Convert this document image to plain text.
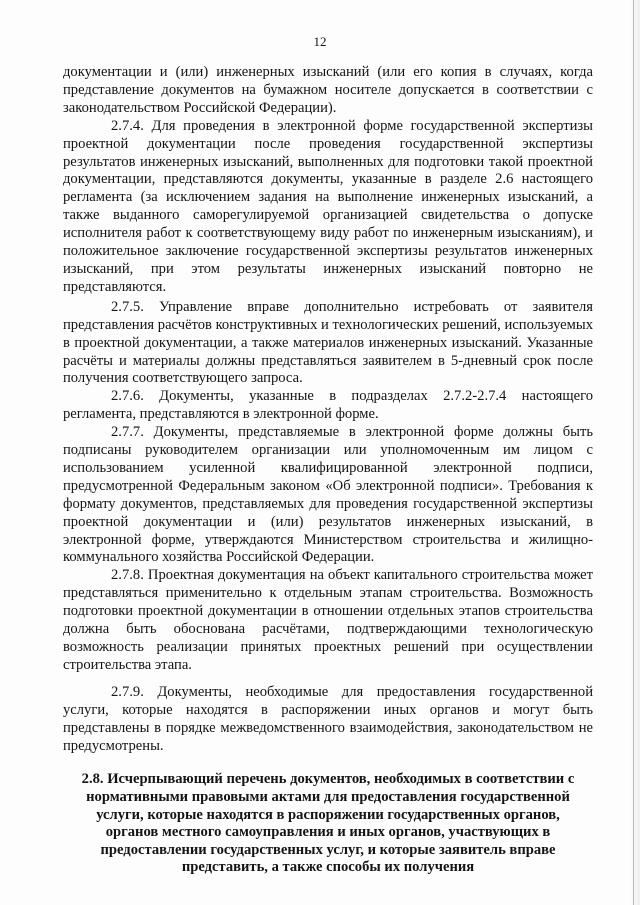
12

документации и (или) инженерных изысканий (или его копия в случаях, когда представление документов на бумажном носителе допускается в соответствии с законодательством Российской Федерации).

2.7.4. Для проведения в электронной форме государственной экспертизы проектной документации после проведения государственной экспертизы результатов инженерных изысканий, выполненных для подготовки такой проектной документации, представляются документы, указанные в разделе 2.6 настоящего регламента (за исключением задания на выполнение инженерных изысканий, а также выданного саморегулируемой организацией свидетельства о допуске исполнителя работ к соответствующему виду работ по инженерным изысканиям), и положительное заключение государственной экспертизы результатов инженерных изысканий, при этом результаты инженерных изысканий повторно не представляются.

2.7.5. Управление вправе дополнительно истребовать от заявителя представления расчётов конструктивных и технологических решений, используемых в проектной документации, а также материалов инженерных изысканий. Указанные расчёты и материалы должны представляться заявителем в 5-дневный срок после получения соответствующего запроса.

2.7.6. Документы, указанные в подразделах 2.7.2-2.7.4 настоящего регламента, представляются в электронной форме.

2.7.7. Документы, представляемые в электронной форме должны быть подписаны руководителем организации или уполномоченным им лицом с использованием усиленной квалифицированной электронной подписи, предусмотренной Федеральным законом «Об электронной подписи». Требования к формату документов, представляемых для проведения государственной экспертизы проектной документации и (или) результатов инженерных изысканий, в электронной форме, утверждаются Министерством строительства и жилищно- коммунального хозяйства Российской Федерации.

2.7.8. Проектная документация на объект капитального строительства может представляться применительно к отдельным этапам строительства. Возможность подготовки проектной документации в отношении отдельных этапов строительства должна быть обоснована расчётами, подтверждающими технологическую возможность реализации принятых проектных решений при осуществлении строительства этапа.

2.7.9. Документы, необходимые для предоставления государственной услуги, которые находятся в распоряжении иных органов и могут быть представлены в порядке межведомственного взаимодействия, законодательством не предусмотрены.

2.8. Исчерпывающий перечень документов, необходимых в соответствии с нормативными правовыми актами для предоставления государственной услуги, которые находятся в распоряжении государственных органов, органов местного самоуправления и иных органов, участвующих в предоставлении государственных услуг, и которые заявитель вправе представить, а также способы их получения
